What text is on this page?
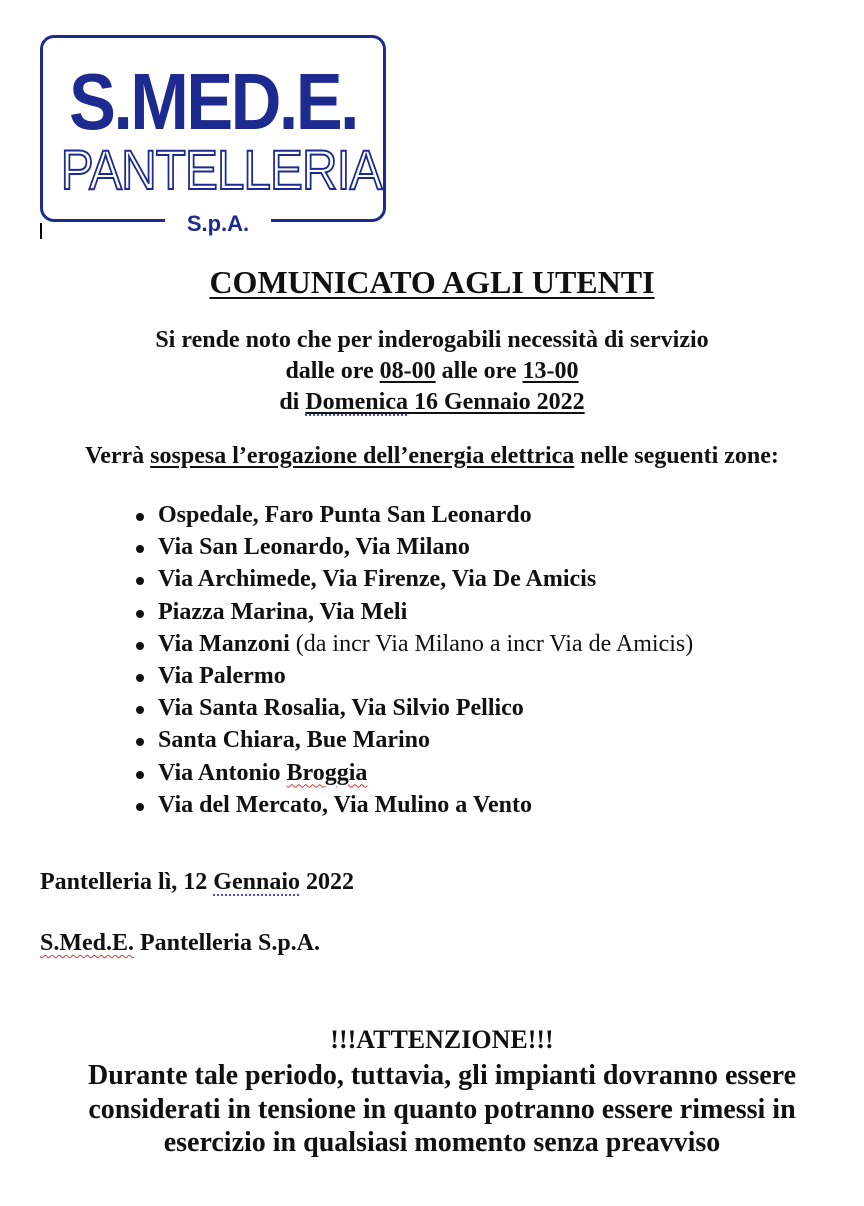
S.MED.E.
PANTELLERIA
S.p.A.
COMUNICATO AGLI UTENTI
Si rende noto che per inderogabili necessità di servizio
dalle ore 08-00 alle ore 13-00
di Domenica 16 Gennaio 2022
Verrà sospesa l’erogazione dell’energia elettrica nelle seguenti zone:
Ospedale, Faro Punta San Leonardo
Via San Leonardo, Via Milano
Via Archimede, Via Firenze, Via De Amicis
Piazza Marina, Via Meli
Via Manzoni (da incr Via Milano a incr Via de Amicis)
Via Palermo
Via Santa Rosalia, Via Silvio Pellico
Santa Chiara, Bue Marino
Via Antonio Broggia
Via del Mercato, Via Mulino a Vento
Pantelleria lì, 12 Gennaio 2022
S.Med.E. Pantelleria S.p.A.
!!!ATTENZIONE!!!
Durante tale periodo, tuttavia, gli impianti dovranno essere
considerati in tensione in quanto potranno essere rimessi in
esercizio in qualsiasi momento senza preavviso
